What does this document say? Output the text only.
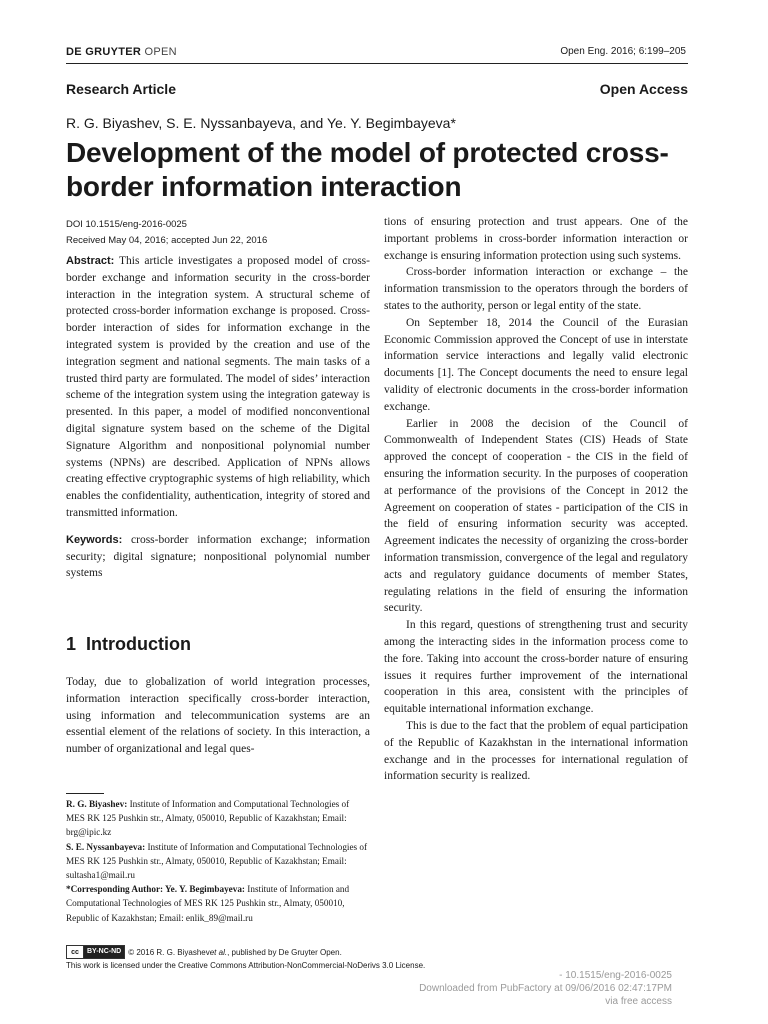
DE GRUYTER OPEN	Open Eng. 2016; 6:199–205
Research Article	Open Access
R. G. Biyashev, S. E. Nyssanbayeva, and Ye. Y. Begimbayeva*
Development of the model of protected cross-border information interaction
DOI 10.1515/eng-2016-0025
Received May 04, 2016; accepted Jun 22, 2016

Abstract: This article investigates a proposed model of cross-border exchange and information security in the cross-border interaction in the integration system. A structural scheme of protected cross-border information exchange is proposed. Cross-border interaction of sides for information exchange in the integrated system is provided by the creation and use of the integration segment and national segments. The main tasks of a trusted third party are formulated. The model of sides’ interaction scheme of the integration system using the integration gateway is presented. In this paper, a model of modified nonconventional digital signature system based on the scheme of the Digital Signature Algorithm and nonpositional polynomial number systems (NPNs) are described. Application of NPNs allows creating effective cryptographic systems of high reliability, which enables the confidentiality, authentication, integrity of stored and transmitted information.

Keywords: cross-border information exchange; information security; digital signature; nonpositional polynomial number systems

1 Introduction

Today, due to globalization of world integration processes, information interaction specifically cross-border interaction, using information and telecommunication systems are an essential element of the relations of society. In this interaction, a number of organizational and legal ques-

tions of ensuring protection and trust appears. One of the important problems in cross-border information interaction or exchange is ensuring information protection using such systems.

Cross-border information interaction or exchange – the information transmission to the operators through the borders of states to the authority, person or legal entity of the state.

On September 18, 2014 the Council of the Eurasian Economic Commission approved the Concept of use in interstate information service interactions and legally valid electronic documents [1]. The Concept documents the need to ensure legal validity of electronic documents in the cross-border information exchange.

Earlier in 2008 the decision of the Council of Commonwealth of Independent States (CIS) Heads of State approved the concept of cooperation - the CIS in the field of ensuring the information security. In the purposes of cooperation at performance of the provisions of the Concept in 2012 the Agreement on cooperation of states - participation of the CIS in the field of ensuring information security was accepted. Agreement indicates the necessity of organizing the cross-border information transmission, convergence of the legal and regulatory acts and regulatory guidance documents of member States, regulating relations in the field of ensuring the information security.

In this regard, questions of strengthening trust and security among the interacting sides in the information process come to the fore. Taking into account the cross-border nature of ensuring issues it requires further improvement of the international cooperation in this area, consistent with the principles of equitable international information exchange.

This is due to the fact that the problem of equal participation of the Republic of Kazakhstan in the international information exchange and in the processes for international regulation of information security is realized.

R. G. Biyashev: Institute of Information and Computational Technologies of MES RK 125 Pushkin str., Almaty, 050010, Republic of Kazakhstan; Email: brg@ipic.kz

S. E. Nyssanbayeva: Institute of Information and Computational Technologies of MES RK 125 Pushkin str., Almaty, 050010, Republic of Kazakhstan; Email: sultasha1@mail.ru

*Corresponding Author: Ye. Y. Begimbayeva: Institute of Information and Computational Technologies of MES RK 125 Pushkin str., Almaty, 050010, Republic of Kazakhstan; Email: enlik_89@mail.ru

cc	BY-NC-ND © 2016 R. G. Biyashev et al. , published by De Gruyter Open.
This work is licensed under the Creative Commons Attribution-NonCommercial-NoDerivs 3.0 License.
- 10.1515/eng-2016-0025
Downloaded from PubFactory at 09/06/2016 02:47:17PM
via free access
